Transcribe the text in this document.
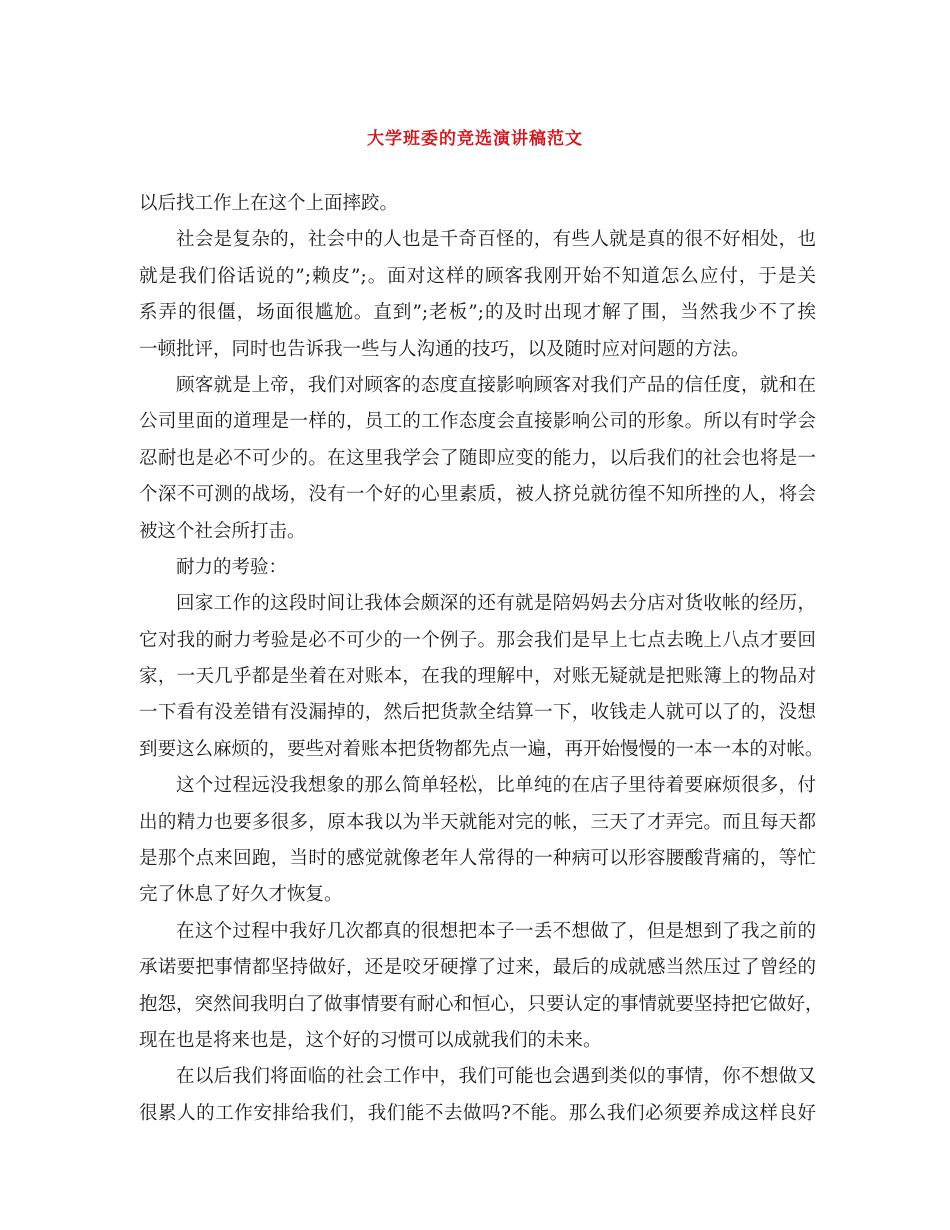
大学班委的竞选演讲稿范文

以后找工作上在这个上面摔跤。

社会是复杂的，社会中的人也是千奇百怪的，有些人就是真的很不好相处，也

就是我们俗话说的”;赖皮”;。面对这样的顾客我刚开始不知道怎么应付，于是关

系弄的很僵，场面很尴尬。直到”;老板”;的及时出现才解了围，当然我少不了挨

一顿批评，同时也告诉我一些与人沟通的技巧，以及随时应对问题的方法。

顾客就是上帝，我们对顾客的态度直接影响顾客对我们产品的信任度，就和在

公司里面的道理是一样的，员工的工作态度会直接影响公司的形象。所以有时学会

忍耐也是必不可少的。在这里我学会了随即应变的能力，以后我们的社会也将是一

个深不可测的战场，没有一个好的心里素质，被人挤兑就彷徨不知所挫的人，将会

被这个社会所打击。

耐力的考验：

回家工作的这段时间让我体会颇深的还有就是陪妈妈去分店对货收帐的经历，

它对我的耐力考验是必不可少的一个例子。那会我们是早上七点去晚上八点才要回

家，一天几乎都是坐着在对账本，在我的理解中，对账无疑就是把账簿上的物品对

一下看有没差错有没漏掉的，然后把货款全结算一下，收钱走人就可以了的，没想

到要这么麻烦的，要些对着账本把货物都先点一遍，再开始慢慢的一本一本的对帐。

这个过程远没我想象的那么简单轻松，比单纯的在店子里待着要麻烦很多，付

出的精力也要多很多，原本我以为半天就能对完的帐，三天了才弄完。而且每天都

是那个点来回跑，当时的感觉就像老年人常得的一种病可以形容腰酸背痛的，等忙

完了休息了好久才恢复。

在这个过程中我好几次都真的很想把本子一丢不想做了，但是想到了我之前的

承诺要把事情都坚持做好，还是咬牙硬撑了过来，最后的成就感当然压过了曾经的

抱怨，突然间我明白了做事情要有耐心和恒心，只要认定的事情就要坚持把它做好，

现在也是将来也是，这个好的习惯可以成就我们的未来。

在以后我们将面临的社会工作中，我们可能也会遇到类似的事情，你不想做又

很累人的工作安排给我们，我们能不去做吗?不能。那么我们必须要养成这样良好
